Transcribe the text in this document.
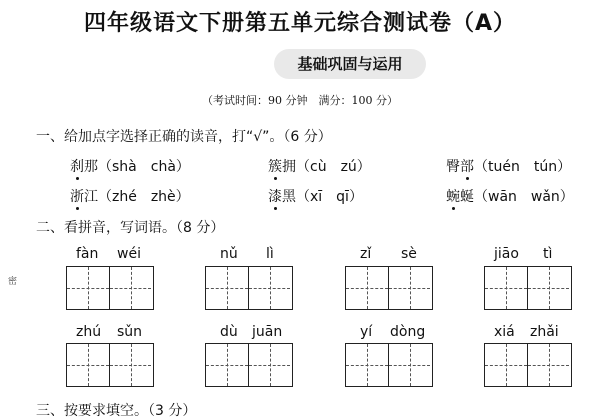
四年级语文下册第五单元综合测试卷（A）
基础巩固与运用
（考试时间：90 分钟　满分：100 分）
密
一、给加点字选择正确的读音，打“√”。（6 分）
刹那（shà　chà）	簇拥（cù　zú）	臀部（tuén　tún）
浙江（zhé　zhè）	漆黑（xī　qī）	蜿蜒（wān　wǎn）
二、看拼音，写词语。（8 分）
fàn wéi	nǔ lì	zǐ sè	jiāo tì
zhú sǔn	dù juān	yí dòng	xiá zhǎi
三、按要求填空。（3 分）
